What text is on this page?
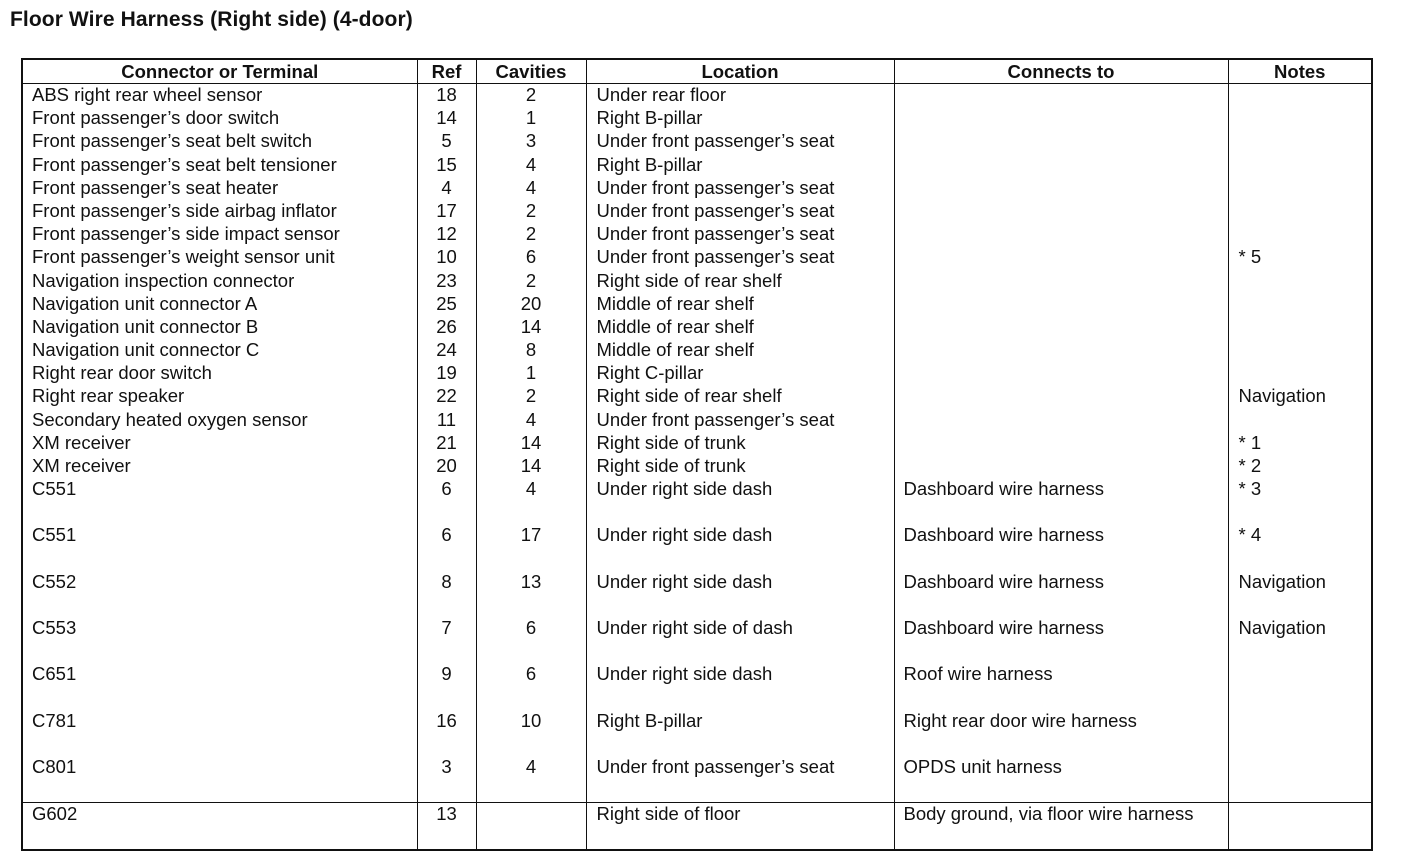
Floor Wire Harness (Right side) (4-door)
Connector or Terminal	Ref	Cavities	Location	Connects to	Notes
ABS right rear wheel sensor	18	2	Under rear floor		
Front passenger’s door switch	14	1	Right B-pillar		
Front passenger’s seat belt switch	5	3	Under front passenger’s seat		
Front passenger’s seat belt tensioner	15	4	Right B-pillar		
Front passenger’s seat heater	4	4	Under front passenger’s seat		
Front passenger’s side airbag inflator	17	2	Under front passenger’s seat		
Front passenger’s side impact sensor	12	2	Under front passenger’s seat		
Front passenger’s weight sensor unit	10	6	Under front passenger’s seat		* 5
Navigation inspection connector	23	2	Right side of rear shelf		
Navigation unit connector A	25	20	Middle of rear shelf		
Navigation unit connector B	26	14	Middle of rear shelf		
Navigation unit connector C	24	8	Middle of rear shelf		
Right rear door switch	19	1	Right C-pillar		
Right rear speaker	22	2	Right side of rear shelf		Navigation
Secondary heated oxygen sensor	11	4	Under front passenger’s seat		
XM receiver	21	14	Right side of trunk		* 1
XM receiver	20	14	Right side of trunk		* 2
C551	6	4	Under right side dash	Dashboard wire harness	* 3
C551	6	17	Under right side dash	Dashboard wire harness	* 4
C552	8	13	Under right side dash	Dashboard wire harness	Navigation
C553	7	6	Under right side of dash	Dashboard wire harness	Navigation
C651	9	6	Under right side dash	Roof wire harness	
C781	16	10	Right B-pillar	Right rear door wire harness	
C801	3	4	Under front passenger’s seat	OPDS unit harness	
G602	13		Right side of floor	Body ground, via floor wire harness	
